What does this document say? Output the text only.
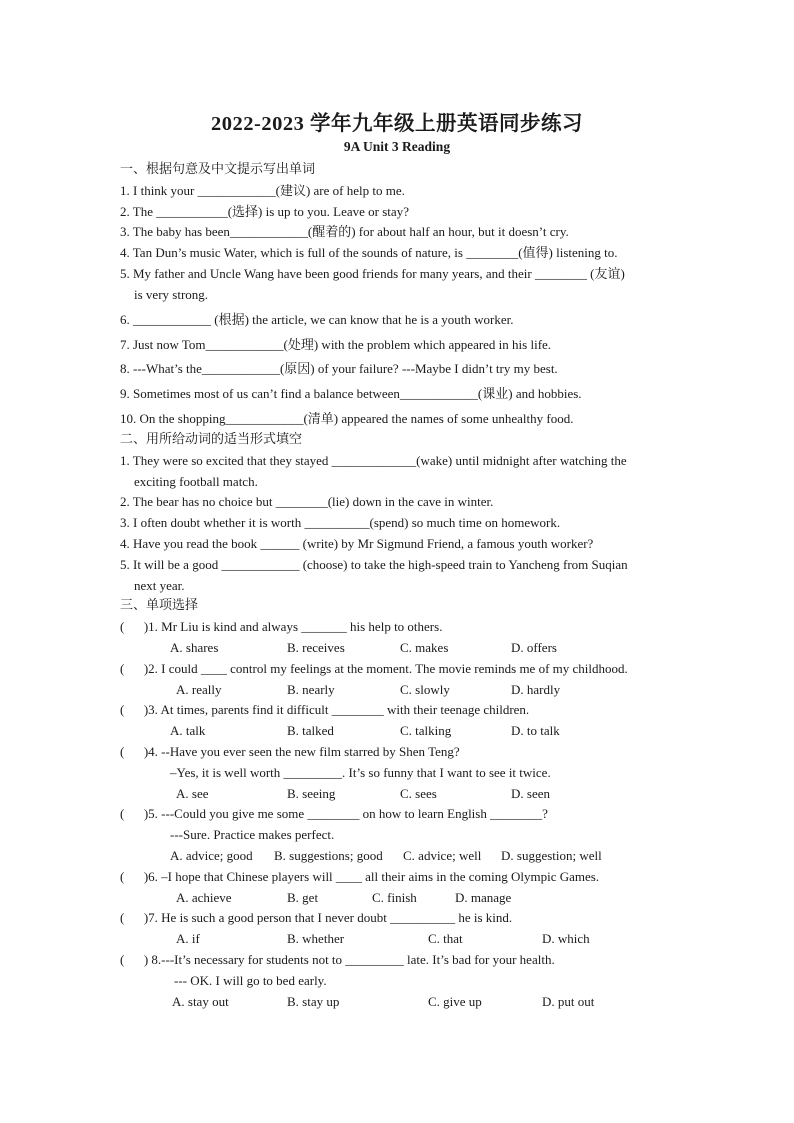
2022-2023 学年九年级上册英语同步练习
9A Unit 3 Reading
一、根据句意及中文提示写出单词
1. I think your ____________(建议) are of help to me.
2. The ___________(选择) is up to you. Leave or stay?
3. The baby has been____________(醒着的) for about half an hour, but it doesn’t cry.
4. Tan Dun’s music Water, which is full of the sounds of nature, is ________(值得) listening to.
5. My father and Uncle Wang have been good friends for many years, and their ________ (友谊)
is very strong.
6. ____________ (根据) the article, we can know that he is a youth worker.
7. Just now Tom____________(处理) with the problem which appeared in his life.
8. ---What’s the____________(原因) of your failure? ---Maybe I didn’t try my best.
9. Sometimes most of us can’t find a balance between____________(课业) and hobbies.
10. On the shopping____________(清单) appeared the names of some unhealthy food.
二、用所给动词的适当形式填空
1. They were so excited that they stayed _____________(wake) until midnight after watching the
exciting football match.
2. The bear has no choice but ________(lie) down in the cave in winter.
3. I often doubt whether it is worth __________(spend) so much time on homework.
4. Have you read the book ______ (write) by Mr Sigmund Friend, a famous youth worker?
5. It will be a good ____________ (choose) to take the high-speed train to Yancheng from Suqian
next year.
三、单项选择
(      )1. Mr Liu is kind and always _______ his help to others.
A. shares	B. receives	C. makes	D. offers
(      )2. I could ____ control my feelings at the moment. The movie reminds me of my childhood.
A. really	B. nearly	C. slowly	D. hardly
(      )3. At times, parents find it difficult ________ with their teenage children.
A. talk	B. talked	C. talking	D. to talk
(      )4. --Have you ever seen the new film starred by Shen Teng?
–Yes, it is well worth _________. It’s so funny that I want to see it twice.
A. see	B. seeing	C. sees	D. seen
(      )5. ---Could you give me some ________ on how to learn English ________?
---Sure. Practice makes perfect.
A. advice; good B. suggestions; good C. advice; well D. suggestion; well
(      )6. –I hope that Chinese players will ____ all their aims in the coming Olympic Games.
A. achieve	B. get	C. finish	D. manage
(      )7. He is such a good person that I never doubt __________ he is kind.
A. if	B. whether	C. that	D. which
(      ) 8.---It’s necessary for students not to _________ late. It’s bad for your health.
--- OK. I will go to bed early.
A. stay out	B. stay up	C. give up	D. put out
